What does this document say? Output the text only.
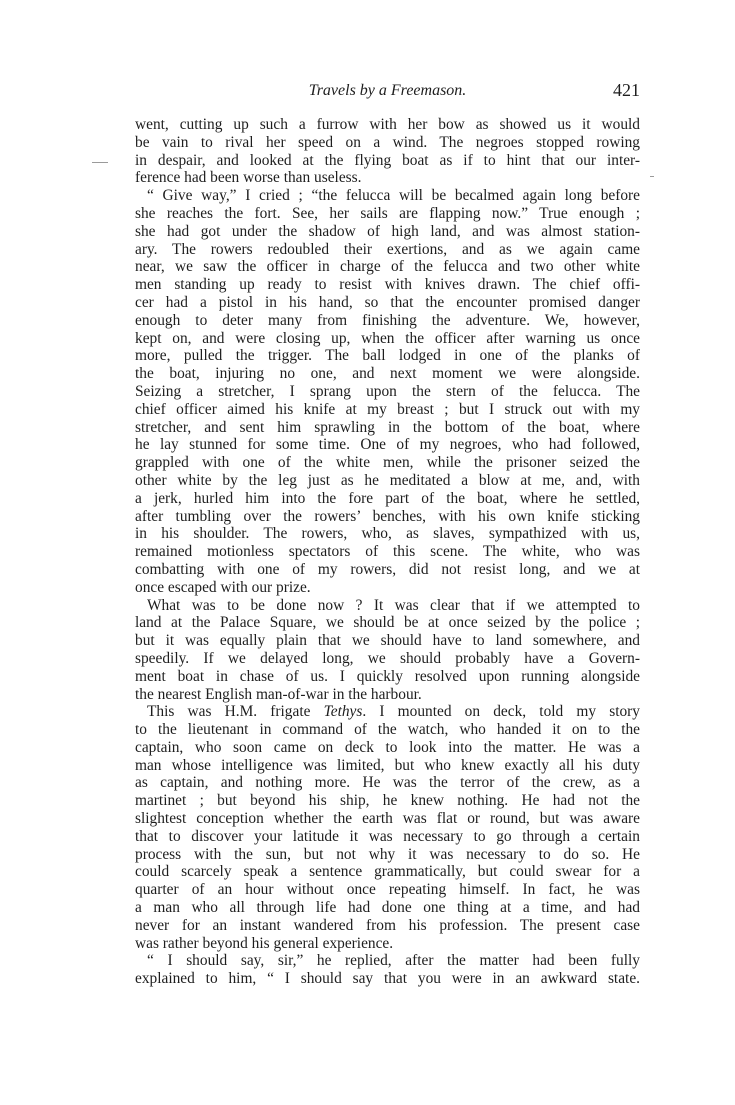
Travels by a Freemason.	421
went, cutting up such a furrow with her bow as showed us it would
be vain to rival her speed on a wind. The negroes stopped rowing
in despair, and looked at the flying boat as if to hint that our inter-
ference had been worse than useless.
“ Give way,” I cried ; “the felucca will be becalmed again long before
she reaches the fort. See, her sails are flapping now.” True enough ;
she had got under the shadow of high land, and was almost station-
ary. The rowers redoubled their exertions, and as we again came
near, we saw the officer in charge of the felucca and two other white
men standing up ready to resist with knives drawn. The chief offi-
cer had a pistol in his hand, so that the encounter promised danger
enough to deter many from finishing the adventure. We, however,
kept on, and were closing up, when the officer after warning us once
more, pulled the trigger. The ball lodged in one of the planks of
the boat, injuring no one, and next moment we were alongside.
Seizing a stretcher, I sprang upon the stern of the felucca. The
chief officer aimed his knife at my breast ; but I struck out with my
stretcher, and sent him sprawling in the bottom of the boat, where
he lay stunned for some time. One of my negroes, who had followed,
grappled with one of the white men, while the prisoner seized the
other white by the leg just as he meditated a blow at me, and, with
a jerk, hurled him into the fore part of the boat, where he settled,
after tumbling over the rowers’ benches, with his own knife sticking
in his shoulder. The rowers, who, as slaves, sympathized with us,
remained motionless spectators of this scene. The white, who was
combatting with one of my rowers, did not resist long, and we at
once escaped with our prize.
What was to be done now ? It was clear that if we attempted to
land at the Palace Square, we should be at once seized by the police ;
but it was equally plain that we should have to land somewhere, and
speedily. If we delayed long, we should probably have a Govern-
ment boat in chase of us. I quickly resolved upon running alongside
the nearest English man-of-war in the harbour.
This was H.M. frigate Tethys. I mounted on deck, told my story
to the lieutenant in command of the watch, who handed it on to the
captain, who soon came on deck to look into the matter. He was a
man whose intelligence was limited, but who knew exactly all his duty
as captain, and nothing more. He was the terror of the crew, as a
martinet ; but beyond his ship, he knew nothing. He had not the
slightest conception whether the earth was flat or round, but was aware
that to discover your latitude it was necessary to go through a certain
process with the sun, but not why it was necessary to do so. He
could scarcely speak a sentence grammatically, but could swear for a
quarter of an hour without once repeating himself. In fact, he was
a man who all through life had done one thing at a time, and had
never for an instant wandered from his profession. The present case
was rather beyond his general experience.
“ I should say, sir,” he replied, after the matter had been fully
explained to him, “ I should say that you were in an awkward state.
